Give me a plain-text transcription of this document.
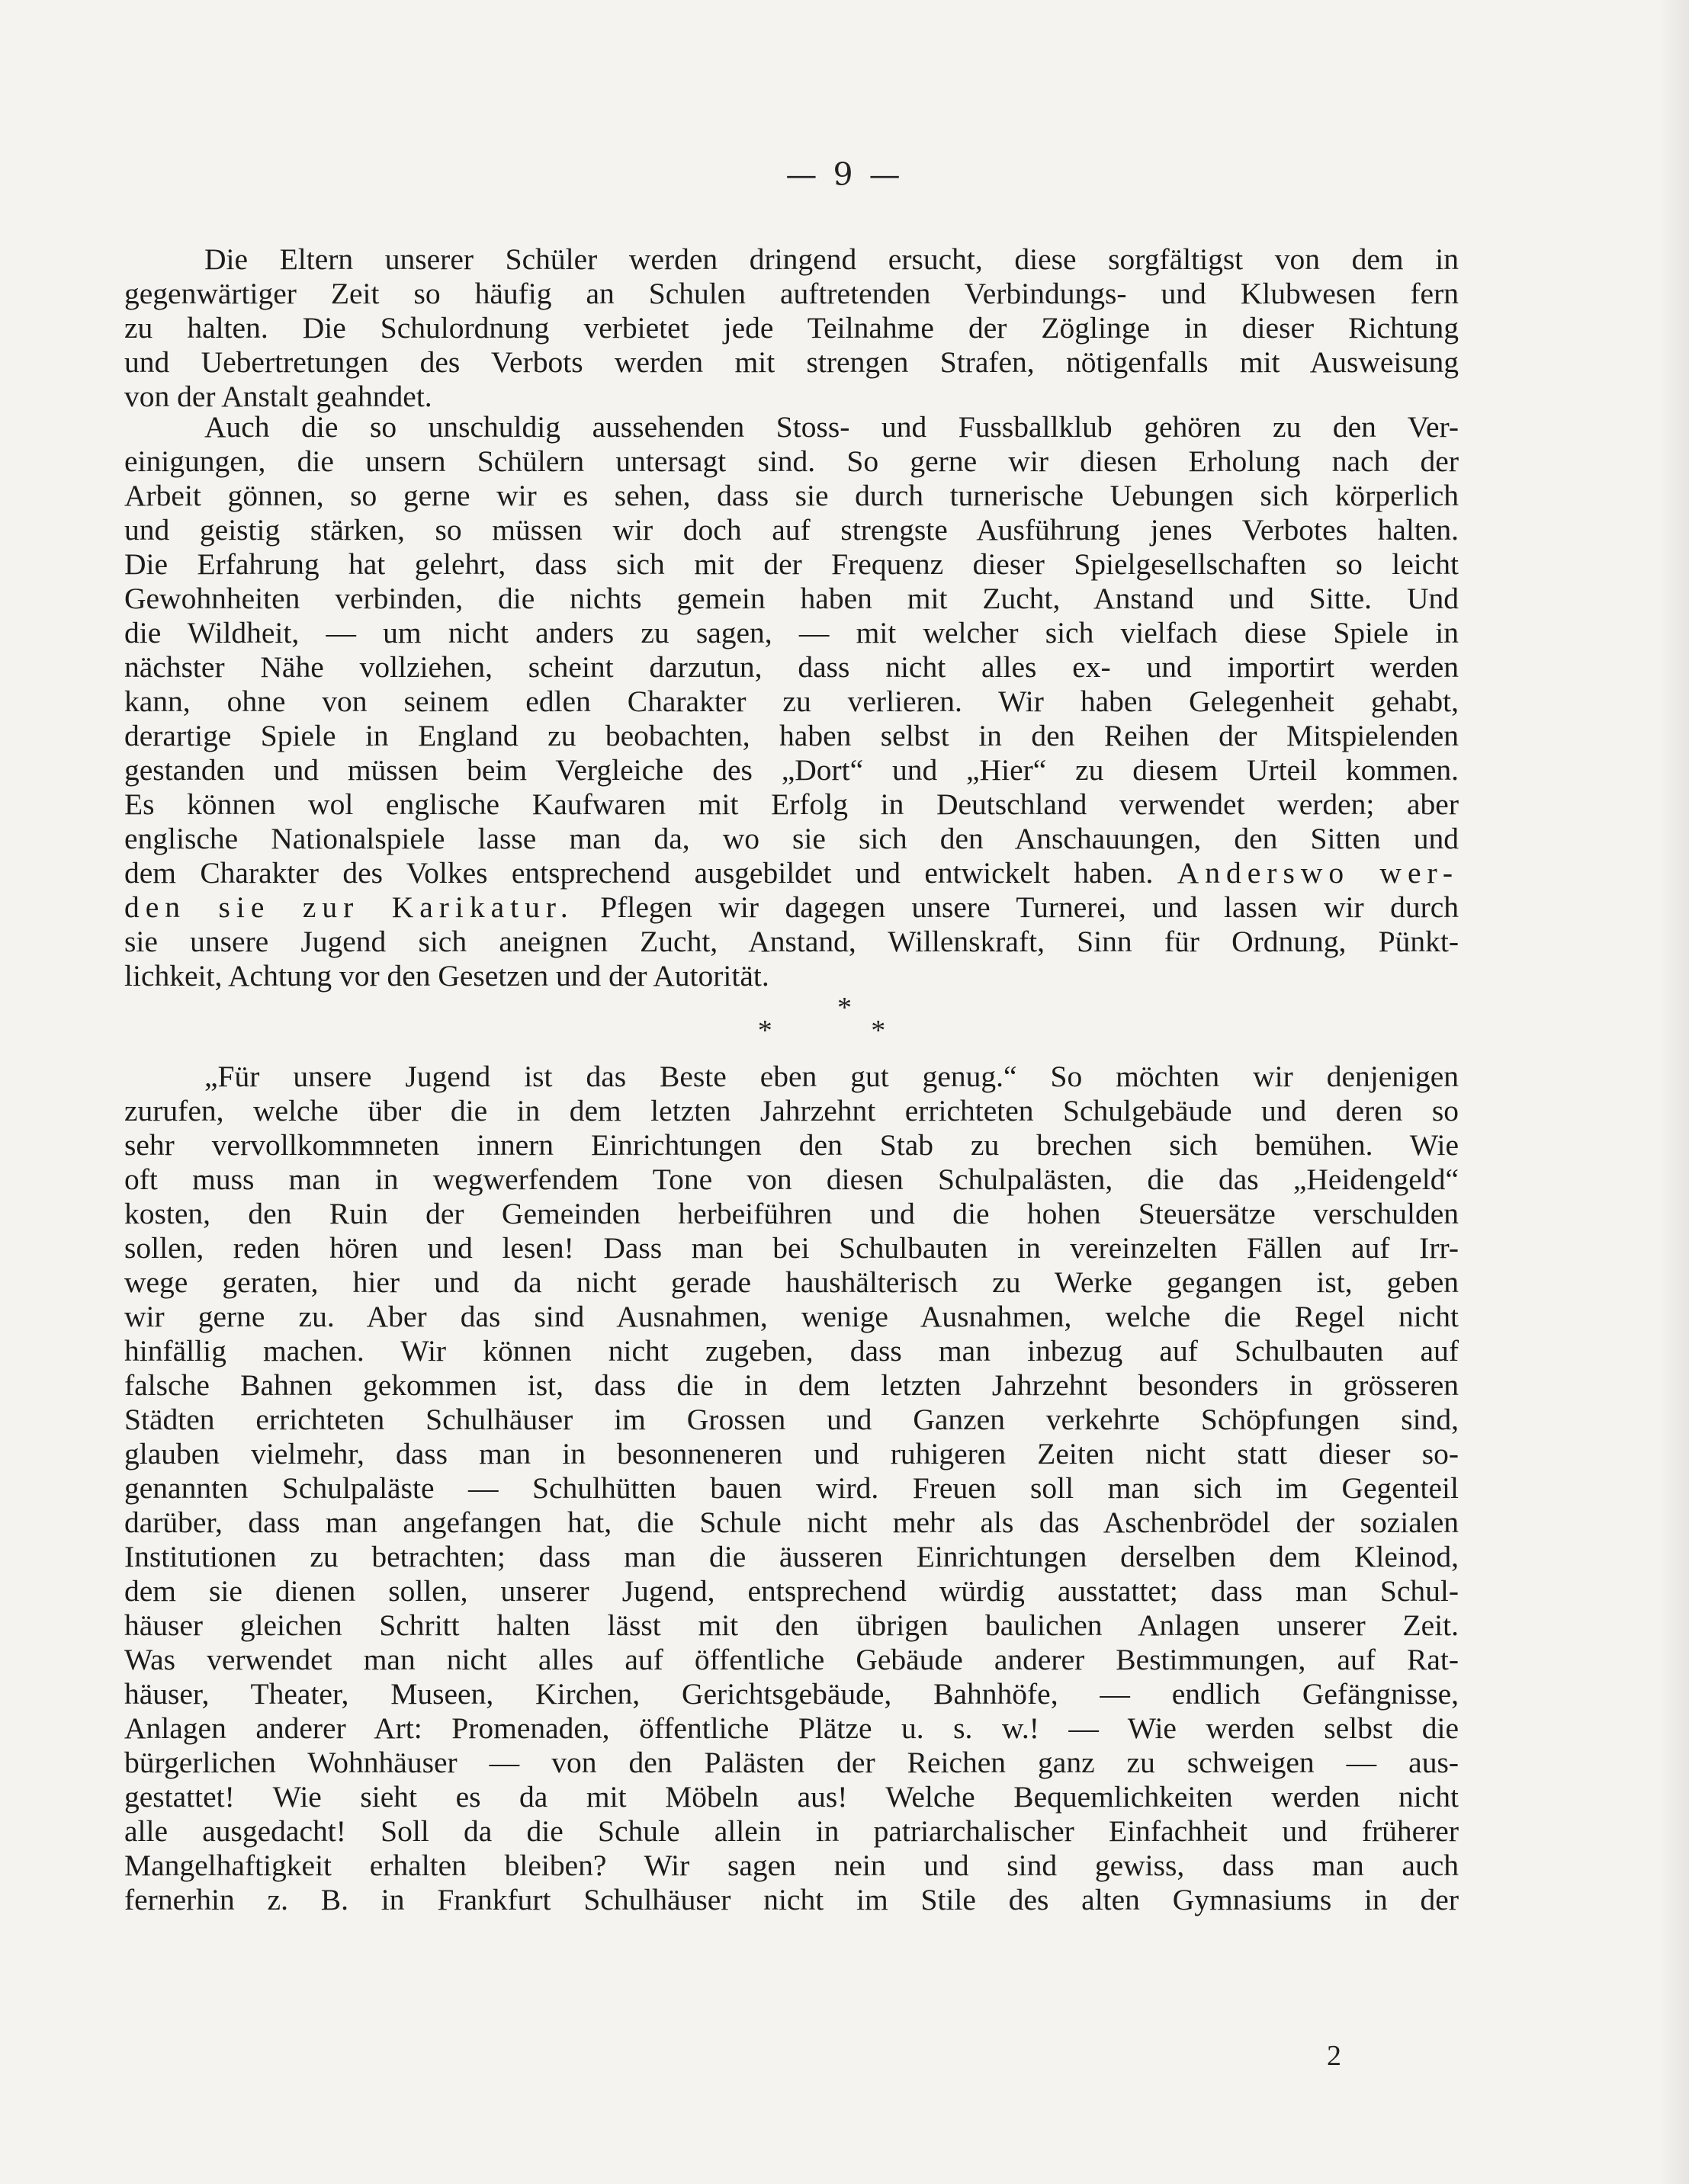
— 9 —
Die Eltern unserer Schüler werden dringend ersucht, diese sorgfältigst von dem in
gegenwärtiger Zeit so häufig an Schulen auftretenden Verbindungs- und Klubwesen fern
zu halten. Die Schulordnung verbietet jede Teilnahme der Zöglinge in dieser Richtung
und Uebertretungen des Verbots werden mit strengen Strafen, nötigenfalls mit Ausweisung
von der Anstalt geahndet.
Auch die so unschuldig aussehenden Stoss- und Fussballklub gehören zu den Ver-
einigungen, die unsern Schülern untersagt sind. So gerne wir diesen Erholung nach der
Arbeit gönnen, so gerne wir es sehen, dass sie durch turnerische Uebungen sich körperlich
und geistig stärken, so müssen wir doch auf strengste Ausführung jenes Verbotes halten.
Die Erfahrung hat gelehrt, dass sich mit der Frequenz dieser Spielgesellschaften so leicht
Gewohnheiten verbinden, die nichts gemein haben mit Zucht, Anstand und Sitte. Und
die Wildheit, — um nicht anders zu sagen, — mit welcher sich vielfach diese Spiele in
nächster Nähe vollziehen, scheint darzutun, dass nicht alles ex- und importirt werden
kann, ohne von seinem edlen Charakter zu verlieren. Wir haben Gelegenheit gehabt,
derartige Spiele in England zu beobachten, haben selbst in den Reihen der Mitspielenden
gestanden und müssen beim Vergleiche des „Dort“ und „Hier“ zu diesem Urteil kommen.
Es können wol englische Kaufwaren mit Erfolg in Deutschland verwendet werden; aber
englische Nationalspiele lasse man da, wo sie sich den Anschauungen, den Sitten und
dem Charakter des Volkes entsprechend ausgebildet und entwickelt haben. Anderswo wer-
den sie zur Karikatur. Pflegen wir dagegen unsere Turnerei, und lassen wir durch
sie unsere Jugend sich aneignen Zucht, Anstand, Willenskraft, Sinn für Ordnung, Pünkt-
lichkeit, Achtung vor den Gesetzen und der Autorität.
*
* *
„Für unsere Jugend ist das Beste eben gut genug.“ So möchten wir denjenigen
zurufen, welche über die in dem letzten Jahrzehnt errichteten Schulgebäude und deren so
sehr vervollkommneten innern Einrichtungen den Stab zu brechen sich bemühen. Wie
oft muss man in wegwerfendem Tone von diesen Schulpalästen, die das „Heidengeld“
kosten, den Ruin der Gemeinden herbeiführen und die hohen Steuersätze verschulden
sollen, reden hören und lesen! Dass man bei Schulbauten in vereinzelten Fällen auf Irr-
wege geraten, hier und da nicht gerade haushälterisch zu Werke gegangen ist, geben
wir gerne zu. Aber das sind Ausnahmen, wenige Ausnahmen, welche die Regel nicht
hinfällig machen. Wir können nicht zugeben, dass man inbezug auf Schulbauten auf
falsche Bahnen gekommen ist, dass die in dem letzten Jahrzehnt besonders in grösseren
Städten errichteten Schulhäuser im Grossen und Ganzen verkehrte Schöpfungen sind,
glauben vielmehr, dass man in besonneneren und ruhigeren Zeiten nicht statt dieser so-
genannten Schulpaläste — Schulhütten bauen wird. Freuen soll man sich im Gegenteil
darüber, dass man angefangen hat, die Schule nicht mehr als das Aschenbrödel der sozialen
Institutionen zu betrachten; dass man die äusseren Einrichtungen derselben dem Kleinod,
dem sie dienen sollen, unserer Jugend, entsprechend würdig ausstattet; dass man Schul-
häuser gleichen Schritt halten lässt mit den übrigen baulichen Anlagen unserer Zeit.
Was verwendet man nicht alles auf öffentliche Gebäude anderer Bestimmungen, auf Rat-
häuser, Theater, Museen, Kirchen, Gerichtsgebäude, Bahnhöfe, — endlich Gefängnisse,
Anlagen anderer Art: Promenaden, öffentliche Plätze u. s. w.! — Wie werden selbst die
bürgerlichen Wohnhäuser — von den Palästen der Reichen ganz zu schweigen — aus-
gestattet! Wie sieht es da mit Möbeln aus! Welche Bequemlichkeiten werden nicht
alle ausgedacht! Soll da die Schule allein in patriarchalischer Einfachheit und früherer
Mangelhaftigkeit erhalten bleiben? Wir sagen nein und sind gewiss, dass man auch
fernerhin z. B. in Frankfurt Schulhäuser nicht im Stile des alten Gymnasiums in der
2
